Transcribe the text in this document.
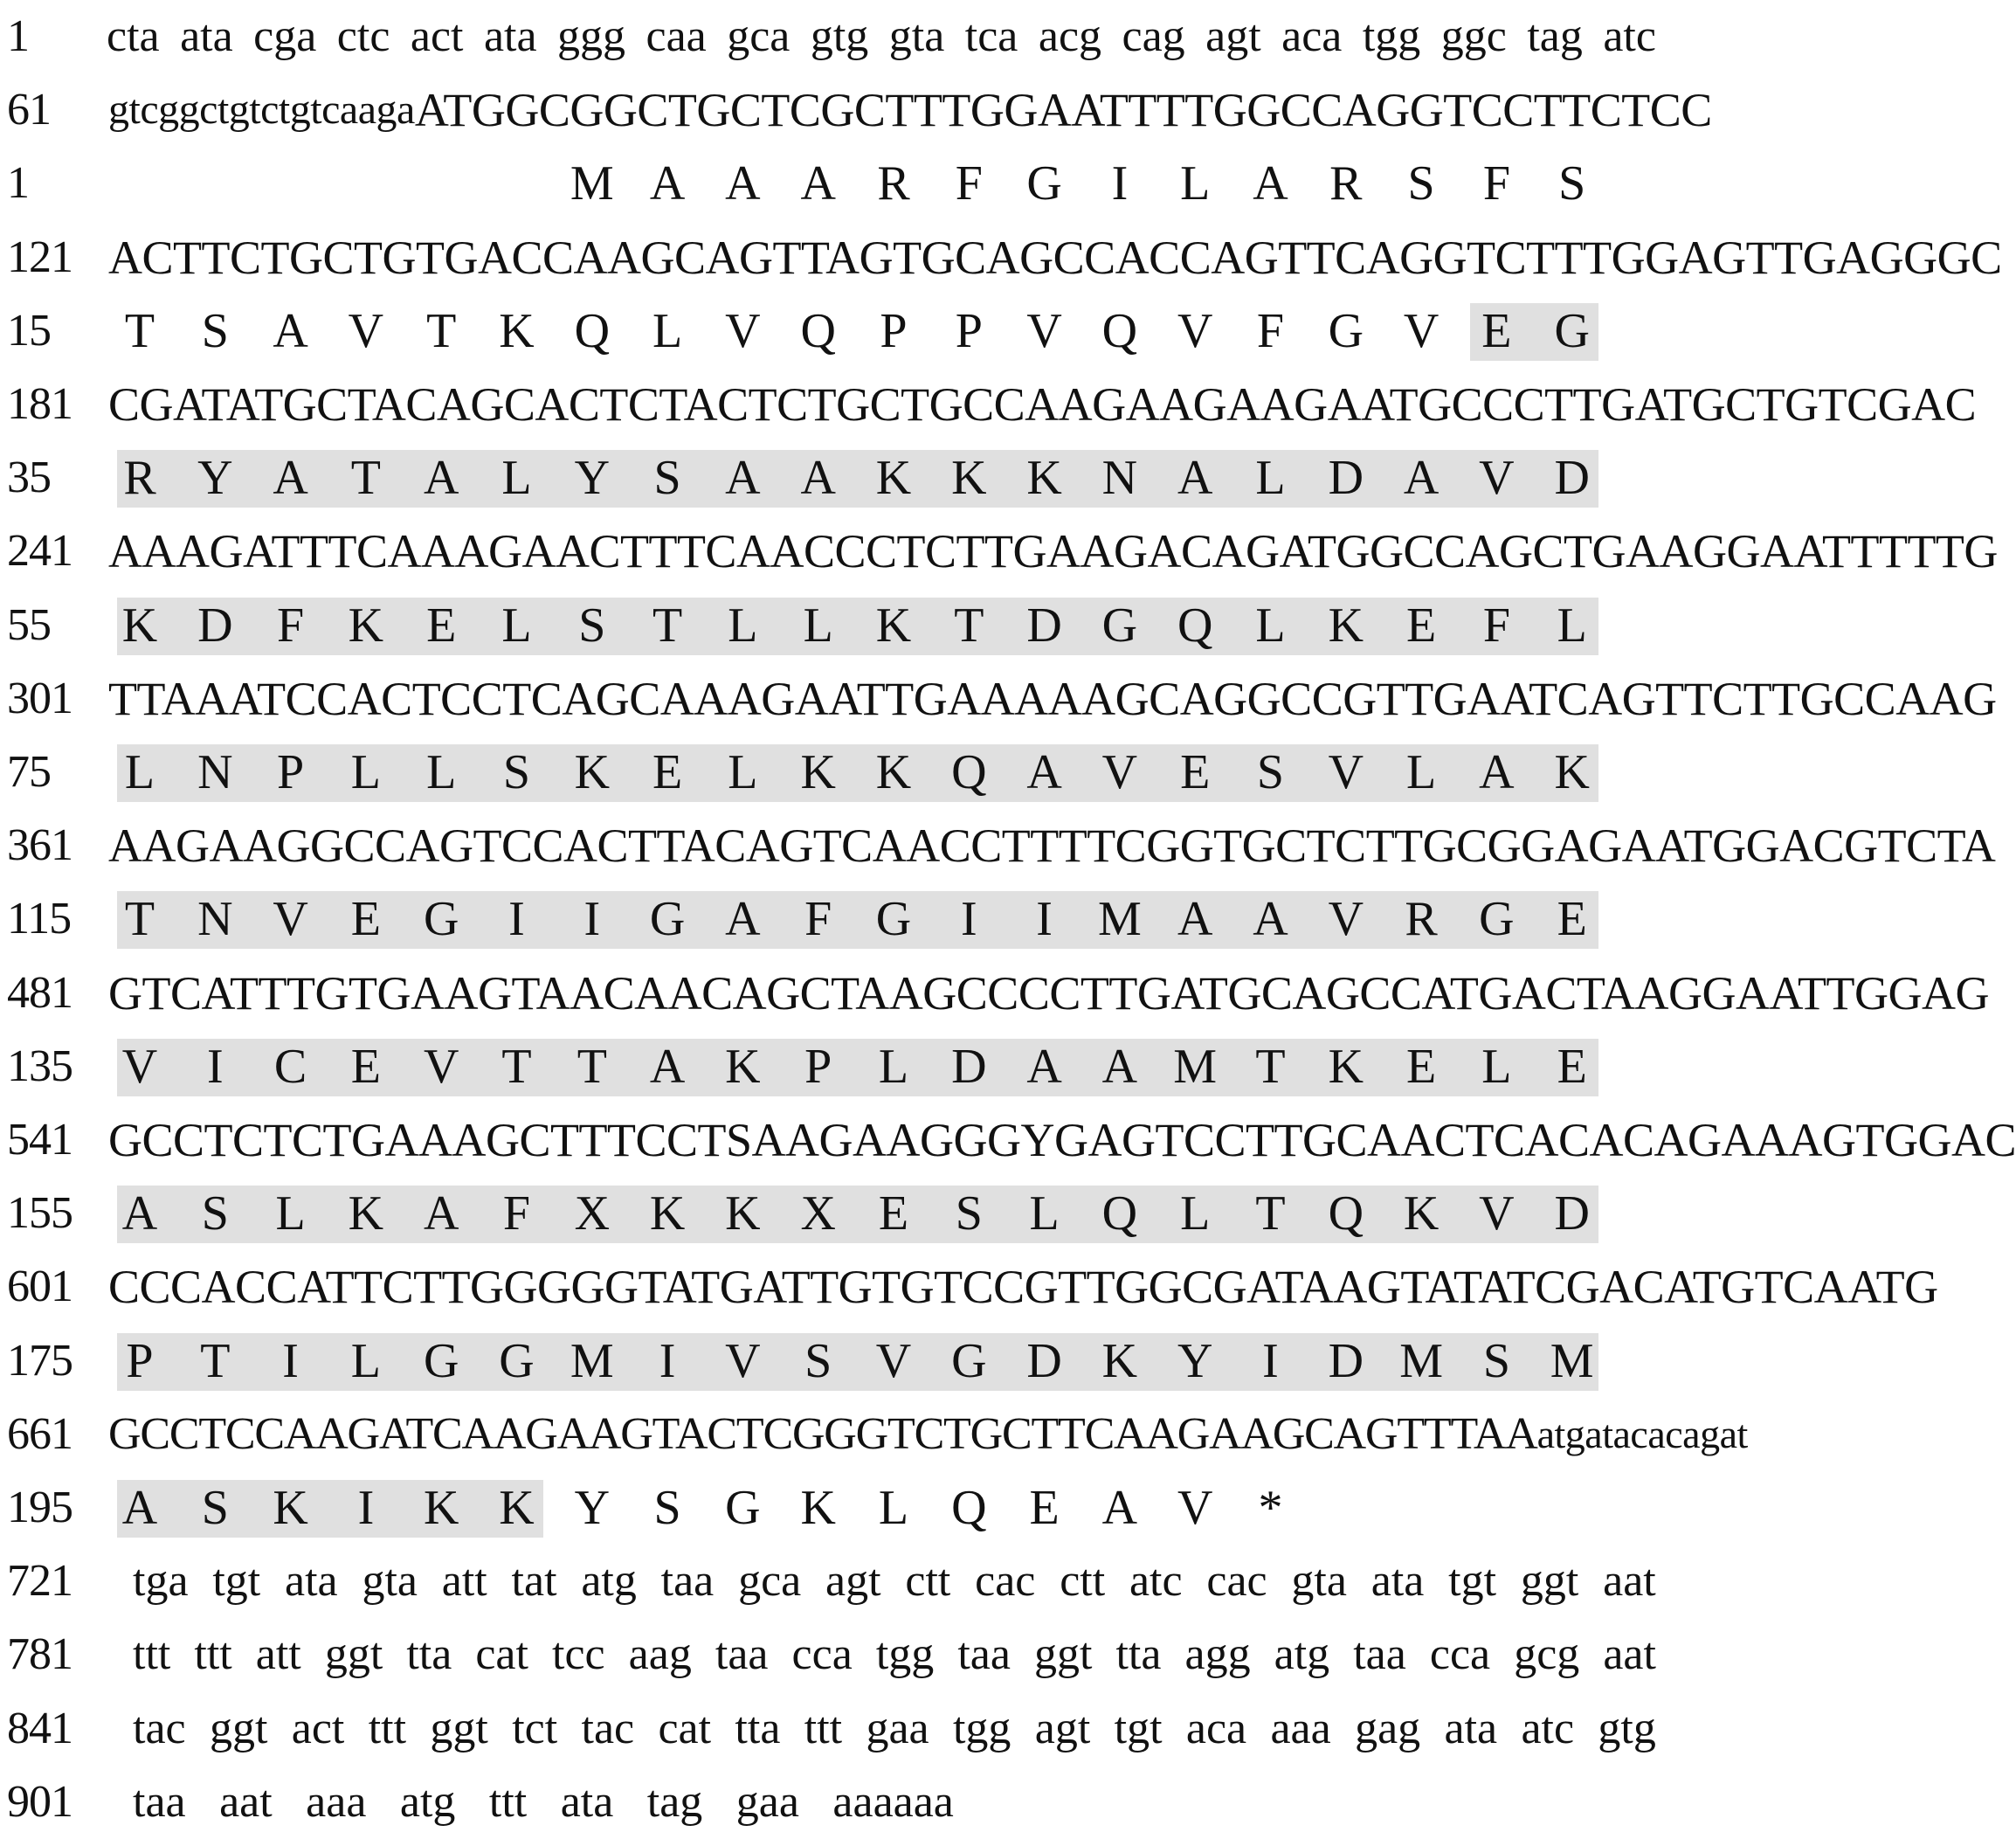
1	cta ata cga ctc act ata ggg caa gca gtg gta tca acg cag agt aca tgg ggc tag atc
61	gtc ggc tgt ctg tca aga ATGGCGGCTGCTCGCTTTGGAATTTTGGCCAGGTCCTTCTCC
1	M A A A R F G	I	L A R S F S
121 ACTTCTGCTGTGACCAAGCAGTTAGTGCAGCCACCAGTTCAGGTCTTTGGAGTTGAGGGC
15	T S A V T K Q L V Q P P V Q V F G V E G
181 CGATATGCTACAGCACTCTACTCTGCTGCCAAGAAGAAGAATGCCCTTGATGCTGTCGAC
35	R Y A T A L Y S A A K K K N A L D A V D
241 AAAGATTTCAAAGAACTTTCAACCCTCTTGAAGACAGATGGCCAGCTGAAGGAATTTTTG
55	K D F K E L S T L L K T D G Q L K E F L
301 TTAAATCCACTCCTCAGCAAAGAATTGAAAAAGCAGGCCGTTGAATCAGTTCTTGCCAAG
75	L N P L L S K E L K K Q A V E S V L A K
361 AAGAAGGCCAGTCCACTTACAGTCAACCTTTTCGGTGCTCTTGCGGAGAATGGACGTCTA
115	T N V E G	I	I	G A F G	I	I M A A V R G E
481 GTCATTTGTGAAGTAACAACAGCTAAGCCCCTTGATGCAGCCATGACTAAGGAATTGGAG
135	V	I	C E V T T A K P L D A A M T K E L E
541 GCCTCTCTGAAAGCTTTCCTSAAGAAGGGYGAGTCCTTGCAACTCACACAGAAAGTGGAC
155	A S L K A F X K K X E S L Q L T Q K V D
601 CCCACCATTCTTGGGGGTATGATTGTGTCCGTTGGCGATAAGTATATCGACATGTCAATG
175	P T	I	L G G M I	V S V G D K Y	I	D M S M
661 GCCTCCAAGATCAAGAAGTACTCGGGTCTGCTTCAAGAAGCAGTTTAA atgata cacagat
195	A S K	I	K K Y S G K L Q E A V *
721	tga tgt ata gta att tat atg taa gca agt ctt cac ctt atc cac gta ata tgt ggt aat
781	ttt ttt att ggt tta cat tcc aag taa cca tgg taa ggt tta agg atg taa cca gcg aat
841	tac ggt act ttt ggt tct tac cat tta ttt gaa tgg agt tgt aca aaa gag ata atc gtg
901	taa aat aaa atg ttt ata tag gaa aaaaaa
